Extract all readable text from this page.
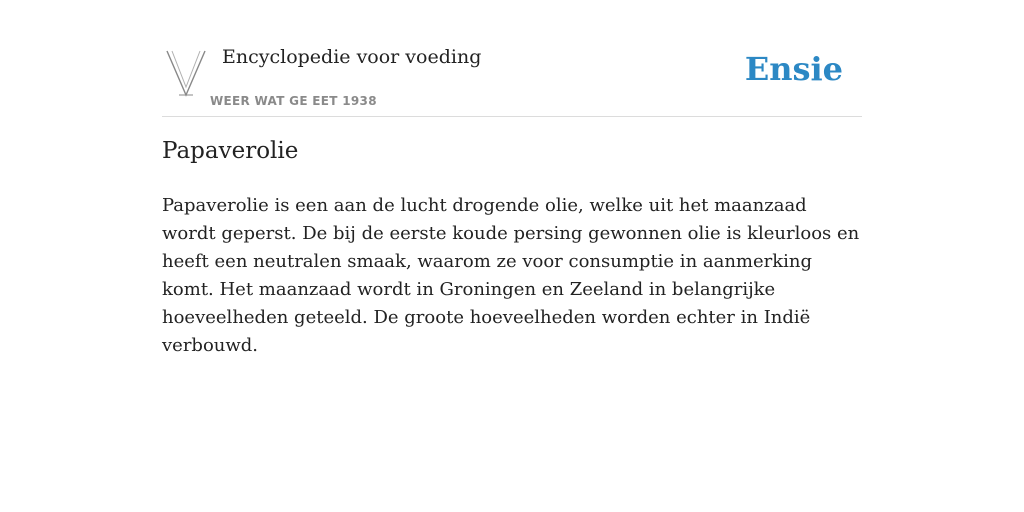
Encyclopedie voor voeding
WEER WAT GE EET 1938
Ensie
Papaverolie

Papaverolie is een aan de lucht drogende olie, welke uit het maanzaad wordt geperst. De bij de eerste koude persing gewonnen olie is kleurloos en heeft een neutralen smaak, waarom ze voor consumptie in aanmerking komt. Het maanzaad wordt in Groningen en Zeeland in belangrijke hoeveelheden geteeld. De groote hoeveelheden worden echter in Indië verbouwd.
